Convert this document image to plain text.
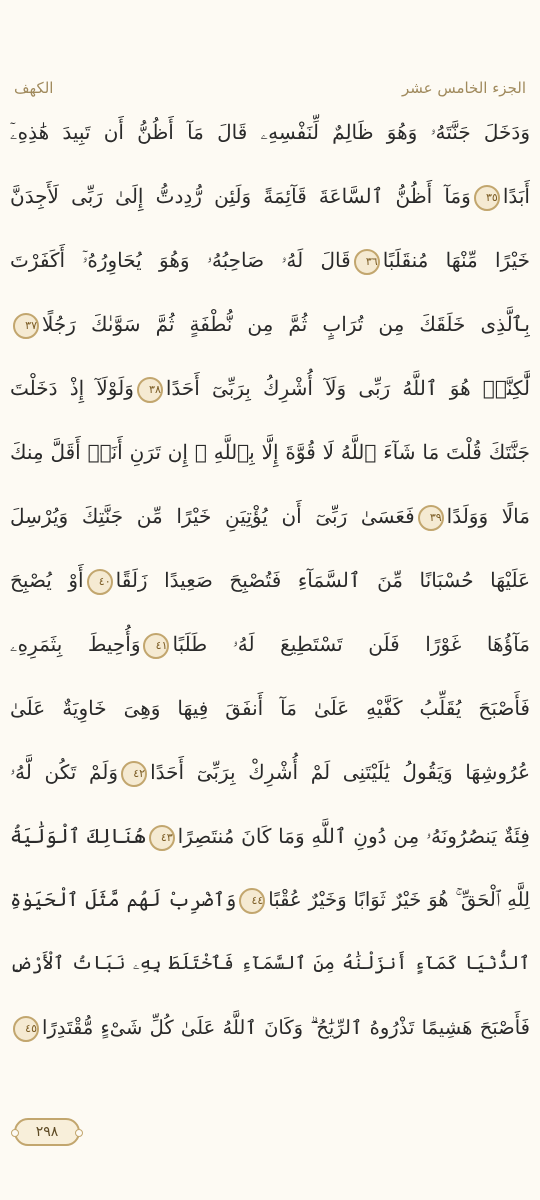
الجزء الخامس عشر
الكهف
وَدَخَلَ جَنَّتَهُۥ وَهُوَ ظَالِمٌ لِّنَفْسِهِۦ قَالَ مَآ أَظُنُّ أَن تَبِيدَ هَٰذِهِۦٓ
أَبَدًا٣٥وَمَآ أَظُنُّ ٱلسَّاعَةَ قَآئِمَةً وَلَئِن رُّدِدتُّ إِلَىٰ رَبِّى لَأَجِدَنَّ
خَيْرًا مِّنْهَا مُنقَلَبًا٣٦قَالَ لَهُۥ صَاحِبُهُۥ وَهُوَ يُحَاوِرُهُۥٓ أَكَفَرْتَ
بِٱلَّذِى خَلَقَكَ مِن تُرَابٍ ثُمَّ مِن نُّطْفَةٍ ثُمَّ سَوَّىٰكَ رَجُلًا٣٧
لَّٰكِنَّا۠ هُوَ ٱللَّهُ رَبِّى وَلَآ أُشْرِكُ بِرَبِّىٓ أَحَدًا٣٨وَلَوْلَآ إِذْ دَخَلْتَ
جَنَّتَكَ قُلْتَ مَا شَآءَ ٱللَّهُ لَا قُوَّةَ إِلَّا بِٱللَّهِ ۚ إِن تَرَنِ أَنَا۠ أَقَلَّ مِنكَ
مَالًا وَوَلَدًا٣٩فَعَسَىٰ رَبِّىٓ أَن يُؤْتِيَنِ خَيْرًا مِّن جَنَّتِكَ وَيُرْسِلَ
عَلَيْهَا حُسْبَانًا مِّنَ ٱلسَّمَآءِ فَتُصْبِحَ صَعِيدًا زَلَقًا٤٠أَوْ يُصْبِحَ
مَآؤُهَا غَوْرًا فَلَن تَسْتَطِيعَ لَهُۥ طَلَبًا٤١وَأُحِيطَ بِثَمَرِهِۦ
فَأَصْبَحَ يُقَلِّبُ كَفَّيْهِ عَلَىٰ مَآ أَنفَقَ فِيهَا وَهِىَ خَاوِيَةٌ عَلَىٰ
عُرُوشِهَا وَيَقُولُ يَٰلَيْتَنِى لَمْ أُشْرِكْ بِرَبِّىٓ أَحَدًا٤٢وَلَمْ تَكُن لَّهُۥ
فِئَةٌ يَنصُرُونَهُۥ مِن دُونِ ٱللَّهِ وَمَا كَانَ مُنتَصِرًا٤٣هُنَالِكَ ٱلْوَلَٰيَةُ
لِلَّهِ ٱلْحَقِّ ۚ هُوَ خَيْرٌ ثَوَابًا وَخَيْرٌ عُقْبًا٤٤وَٱضْرِبْ لَهُم مَّثَلَ ٱلْحَيَوٰةِ
ٱلدُّنْيَا كَمَآءٍ أَنزَلْنَٰهُ مِنَ ٱلسَّمَآءِ فَٱخْتَلَطَ بِهِۦ نَبَاتُ ٱلْأَرْضِ
فَأَصْبَحَ هَشِيمًا تَذْرُوهُ ٱلرِّيَٰحُ ۗ وَكَانَ ٱللَّهُ عَلَىٰ كُلِّ شَىْءٍ مُّقْتَدِرًا٤٥
٢٩٨
